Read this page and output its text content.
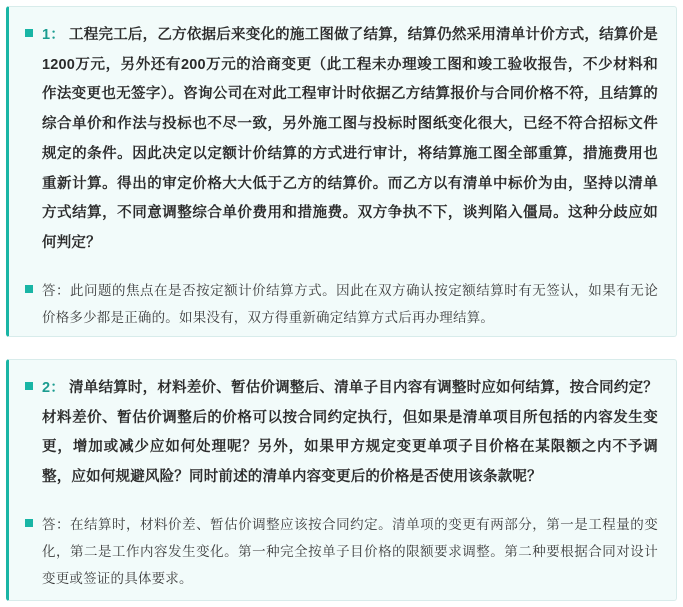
1： 工程完工后，乙方依据后来变化的施工图做了结算，结算仍然采用清单计价方式，结算价是1200万元，另外还有200万元的洽商变更（此工程未办理竣工图和竣工验收报告，不少材料和作法变更也无签字）。咨询公司在对此工程审计时依据乙方结算报价与合同价格不符，且结算的综合单价和作法与投标也不尽一致，另外施工图与投标时图纸变化很大，已经不符合招标文件规定的条件。因此决定以定额计价结算的方式进行审计，将结算施工图全部重算，措施费用也重新计算。得出的审定价格大大低于乙方的结算价。而乙方以有清单中标价为由，坚持以清单方式结算，不同意调整综合单价费用和措施费。双方争执不下，谈判陷入僵局。这种分歧应如何判定？
答：此问题的焦点在是否按定额计价结算方式。因此在双方确认按定额结算时有无签认，如果有无论价格多少都是正确的。如果没有，双方得重新确定结算方式后再办理结算。
2： 清单结算时，材料差价、暂估价调整后、清单子目内容有调整时应如何结算，按合同约定？材料差价、暂估价调整后的价格可以按合同约定执行，但如果是清单项目所包括的内容发生变更，增加或减少应如何处理呢？另外，如果甲方规定变更单项子目价格在某限额之内不予调整，应如何规避风险？同时前述的清单内容变更后的价格是否使用该条款呢？
答：在结算时，材料价差、暂估价调整应该按合同约定。清单项的变更有两部分，第一是工程量的变化，第二是工作内容发生变化。第一种完全按单子目价格的限额要求调整。第二种要根据合同对设计变更或签证的具体要求。
